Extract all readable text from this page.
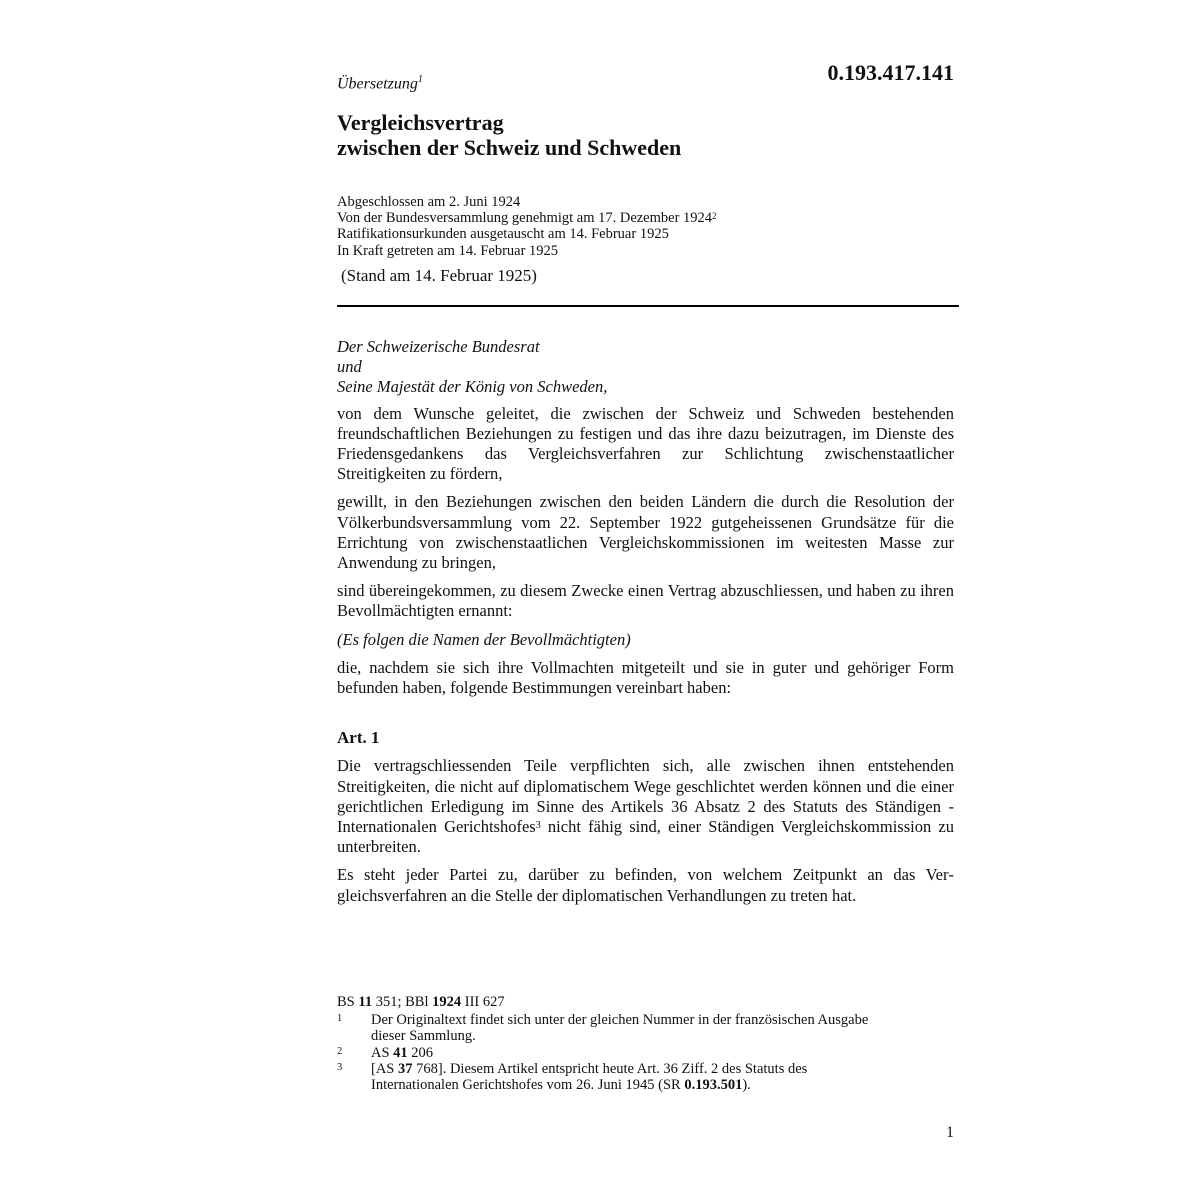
Übersetzung$^1$	0.193.417.141
Vergleichsvertrag
zwischen der Schweiz und Schweden
Abgeschlossen am 2. Juni 1924
Von der Bundesversammlung genehmigt am 17. Dezember 1924$^2$
Ratifikationsurkunden ausgetauscht am 14. Februar 1925
In Kraft getreten am 14. Februar 1925
(Stand am 14. Februar 1925)

Der Schweizerische Bundesrat

und

Seine Majestät der König von Schweden,

von dem Wunsche geleitet, die zwischen der Schweiz und Schweden bestehenden freundschaftlichen Beziehungen zu festigen und das ihre dazu beizutragen, im Dienste des Friedensgedankens das Vergleichsverfahren zur Schlichtung zwischenstaatlicher Streitigkeiten zu fördern,

gewillt, in den Beziehungen zwischen den beiden Ländern die durch die Resolution der Völkerbundsversammlung vom 22. September 1922 gutgeheissenen Grundsätze für die Errichtung von zwischenstaatlichen Vergleichskommissionen im weitesten Masse zur Anwendung zu bringen,

sind übereingekommen, zu diesem Zwecke einen Vertrag abzuschliessen, und haben zu ihren Bevollmächtigten ernannt:

(Es folgen die Namen der Bevollmächtigten)

die, nachdem sie sich ihre Vollmachten mitgeteilt und sie in guter und gehöriger Form befunden haben, folgende Bestimmungen vereinbart haben:

Art. 1

Die vertragschliessenden Teile verpflichten sich, alle zwischen ihnen entstehenden Streitigkeiten, die nicht auf diplomatischem Wege geschlichtet werden können und die einer gerichtlichen Erledigung im Sinne des Artikels 36 Absatz 2 des Statuts des Ständigen -Internationalen Gerichtshofes$^3$ nicht fähig sind, einer Ständigen Vergleichskommission zu unterbreiten.

Es steht jeder Partei zu, darüber zu befinden, von welchem Zeitpunkt an das Vergleichsverfahren an die Stelle der diplomatischen Verhandlungen zu treten hat.

BS 11 351; BBl 1924 III 627
1	Der Originaltext findet sich unter der gleichen Nummer in der französischen Ausgabe dieser Sammlung.
2	AS 41 206
3	[AS 37 768]. Diesem Artikel entspricht heute Art. 36 Ziff. 2 des Statuts des Internationalen Gerichtshofes vom 26. Juni 1945 (SR 0.193.501).
1
